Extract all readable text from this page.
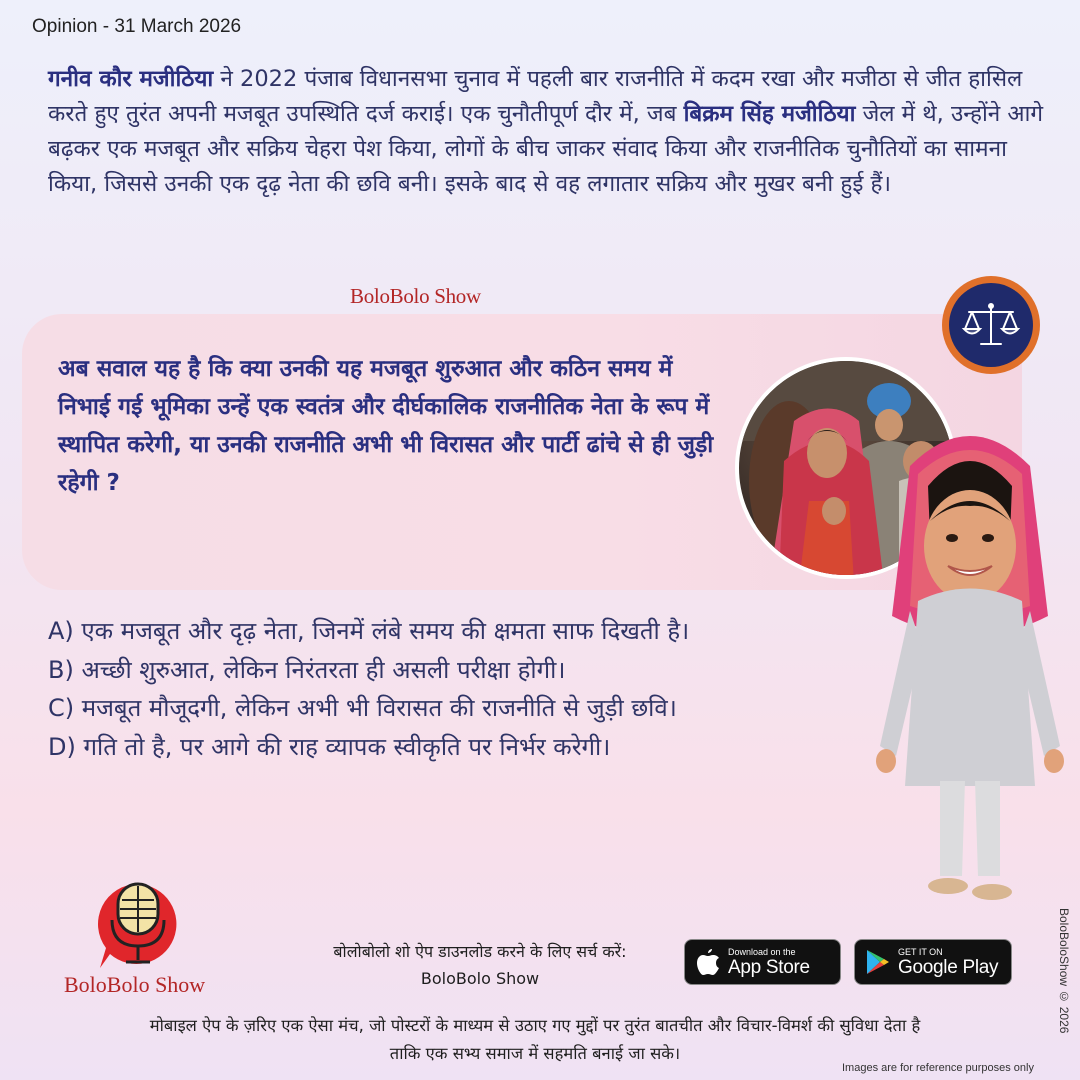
Opinion - 31 March 2026

गनीव कौर मजीठिया ने 2022 पंजाब विधानसभा चुनाव में पहली बार राजनीति में कदम रखा और मजीठा से जीत हासिल करते हुए तुरंत अपनी मजबूत उपस्थिति दर्ज कराई। एक चुनौतीपूर्ण दौर में, जब बिक्रम सिंह मजीठिया जेल में थे, उन्होंने आगे बढ़कर एक मजबूत और सक्रिय चेहरा पेश किया, लोगों के बीच जाकर संवाद किया और राजनीतिक चुनौतियों का सामना किया, जिससे उनकी एक दृढ़ नेता की छवि बनी। इसके बाद से वह लगातार सक्रिय और मुखर बनी हुई हैं।

BoloBolo Show

अब सवाल यह है कि क्या उनकी यह मजबूत शुरुआत और कठिन समय में निभाई गई भूमिका उन्हें एक स्वतंत्र और दीर्घकालिक राजनीतिक नेता के रूप में स्थापित करेगी, या उनकी राजनीति अभी भी विरासत और पार्टी ढांचे से ही जुड़ी रहेगी ?

A) एक मजबूत और दृढ़ नेता, जिनमें लंबे समय की क्षमता साफ दिखती है।
B) अच्छी शुरुआत, लेकिन निरंतरता ही असली परीक्षा होगी।
C) मजबूत मौजूदगी, लेकिन अभी भी विरासत की राजनीति से जुड़ी छवि।
D) गति तो है, पर आगे की राह व्यापक स्वीकृति पर निर्भर करेगी।
BoloBolo Show
बोलोबोलो शो ऐप डाउनलोड करने के लिए सर्च करें:
BoloBolo Show
Download on the
App Store
GET IT ON
Google Play
मोबाइल ऐप के ज़रिए एक ऐसा मंच, जो पोस्टरों के माध्यम से उठाए गए मुद्दों पर तुरंत बातचीत और विचार-विमर्श की सुविधा देता है
ताकि एक सभ्य समाज में सहमति बनाई जा सके।
BoloBoloShow © 2026
Images are for reference purposes only
